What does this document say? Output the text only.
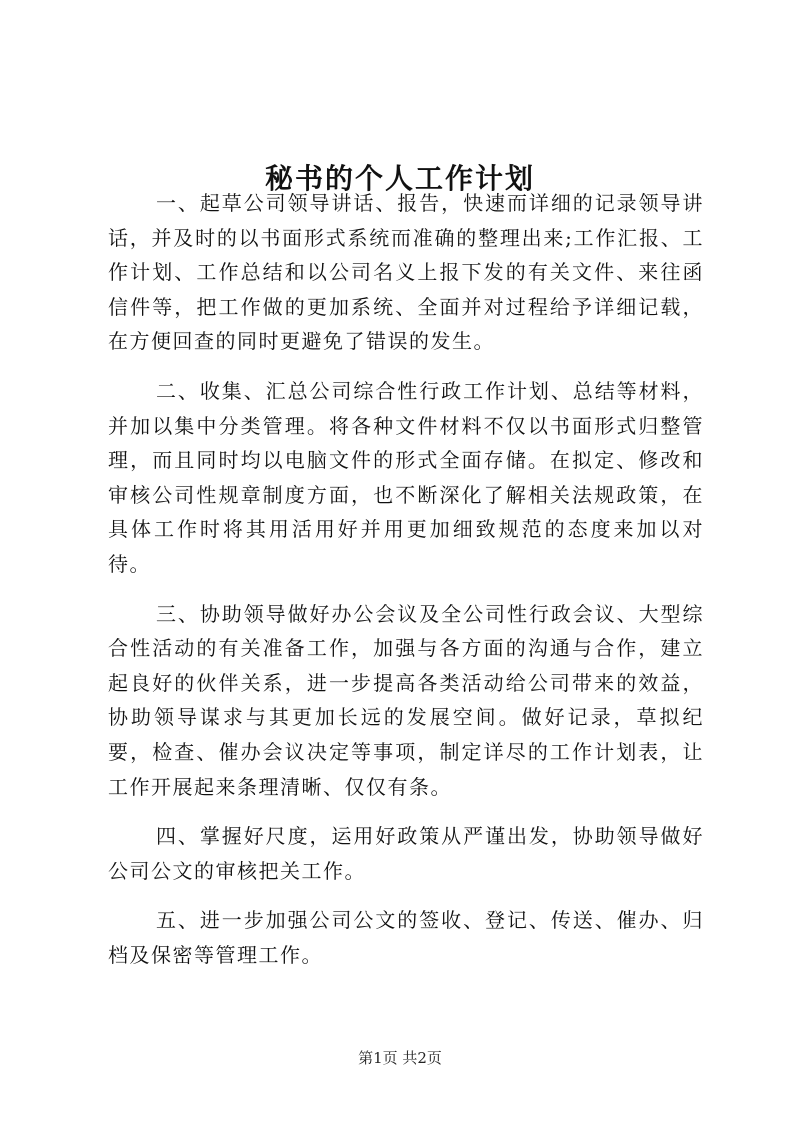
秘书的个人工作计划

一、起草公司领导讲话、报告，快速而详细的记录领导讲话，并及时的以书面形式系统而准确的整理出来;工作汇报、工作计划、工作总结和以公司名义上报下发的有关文件、来往函信件等，把工作做的更加系统、全面并对过程给予详细记载，在方便回查的同时更避免了错误的发生。

二、收集、汇总公司综合性行政工作计划、总结等材料，并加以集中分类管理。将各种文件材料不仅以书面形式归整管理，而且同时均以电脑文件的形式全面存储。在拟定、修改和审核公司性规章制度方面，也不断深化了解相关法规政策，在具体工作时将其用活用好并用更加细致规范的态度来加以对待。

三、协助领导做好办公会议及全公司性行政会议、大型综合性活动的有关准备工作，加强与各方面的沟通与合作，建立起良好的伙伴关系，进一步提高各类活动给公司带来的效益，协助领导谋求与其更加长远的发展空间。做好记录，草拟纪要，检查、催办会议决定等事项，制定详尽的工作计划表，让工作开展起来条理清晰、仅仅有条。

四、掌握好尺度，运用好政策从严谨出发，协助领导做好公司公文的审核把关工作。

五、进一步加强公司公文的签收、登记、传送、催办、归档及保密等管理工作。

第1页 共2页
